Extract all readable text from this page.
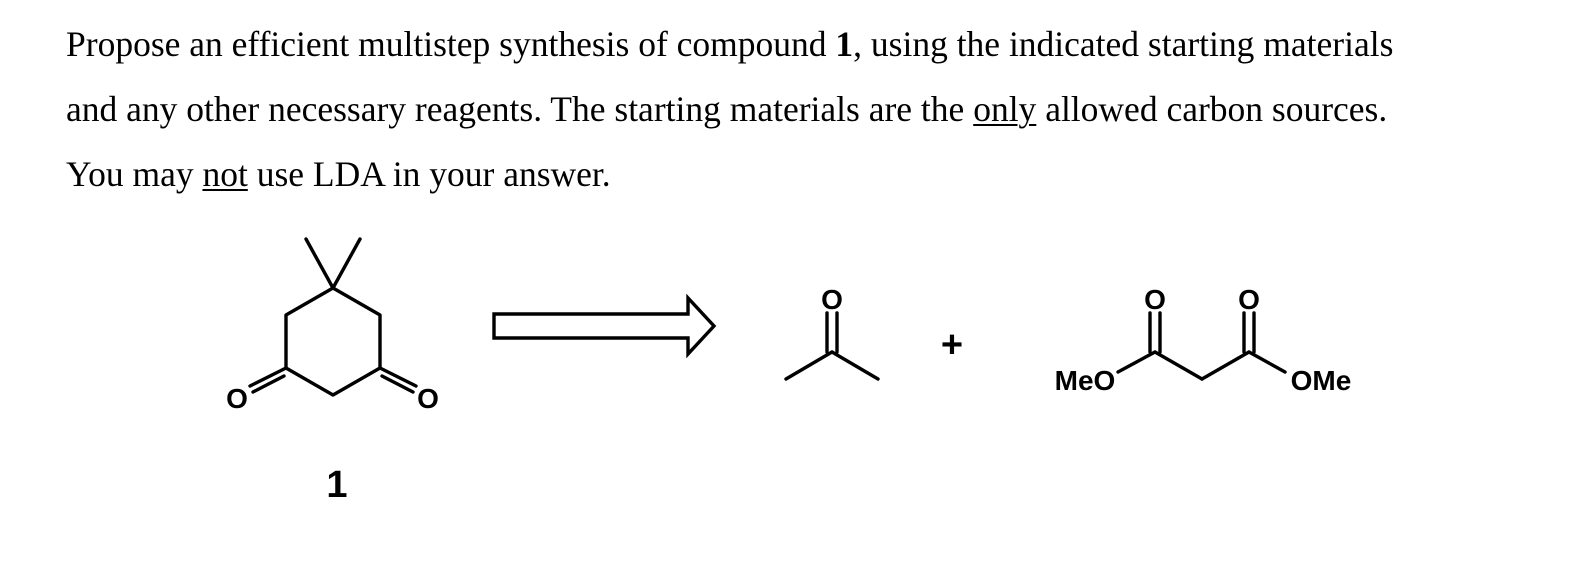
Propose an efficient multistep synthesis of compound 1, using the indicated starting materials
and any other necessary reagents. The starting materials are the only allowed carbon sources.
You may not use LDA in your answer.

O	O
1
O
+
O	O
MeO	OMe
